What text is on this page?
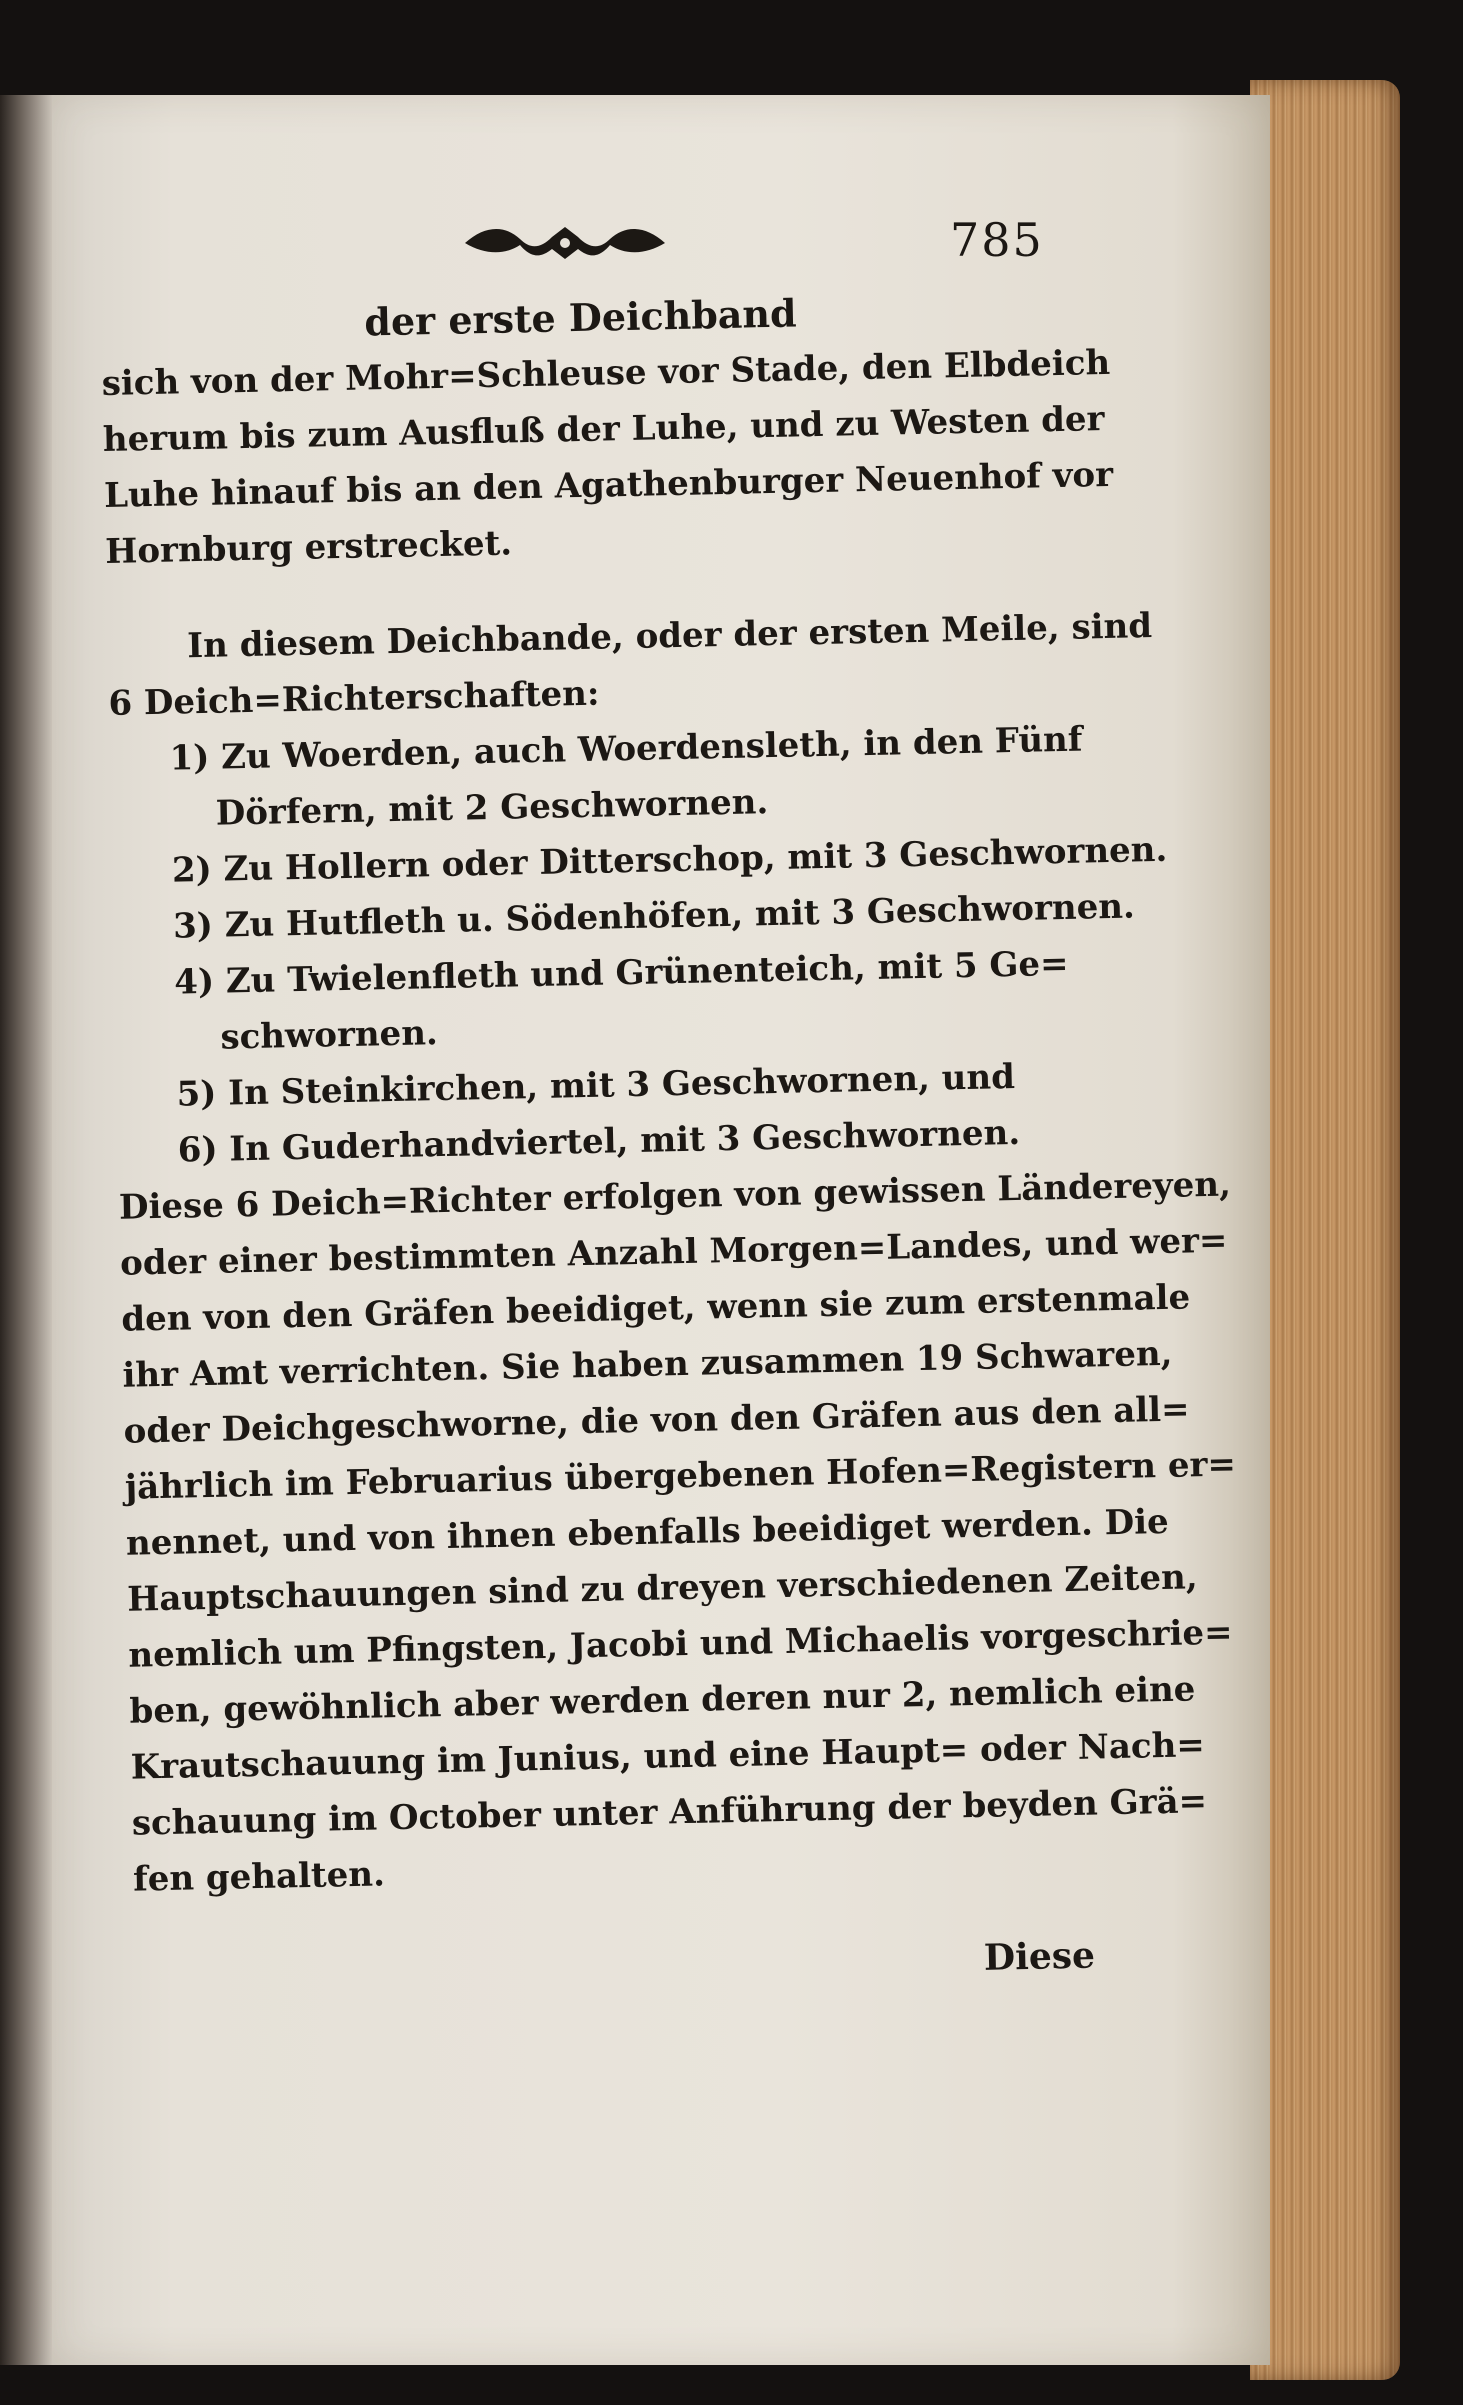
785
der erste Deichband
sich von der Mohr=Schleuse vor Stade, den Elbdeich
herum bis zum Ausfluß der Luhe, und zu Westen der
Luhe hinauf bis an den Agathenburger Neuenhof vor
Hornburg erstrecket.
In diesem Deichbande, oder der ersten Meile, sind
6 Deich=Richterschaften:
1) Zu Woerden, auch Woerdensleth, in den Fünf
Dörfern, mit 2 Geschwornen.
2) Zu Hollern oder Ditterschop, mit 3 Geschwornen.
3) Zu Hutfleth u. Södenhöfen, mit 3 Geschwornen.
4) Zu Twielenfleth und Grünenteich, mit 5 Ge=
schwornen.
5) In Steinkirchen, mit 3 Geschwornen, und
6) In Guderhandviertel, mit 3 Geschwornen.
Diese 6 Deich=Richter erfolgen von gewissen Ländereyen,
oder einer bestimmten Anzahl Morgen=Landes, und wer=
den von den Gräfen beeidiget, wenn sie zum erstenmale
ihr Amt verrichten. Sie haben zusammen 19 Schwaren,
oder Deichgeschworne, die von den Gräfen aus den all=
jährlich im Februarius übergebenen Hofen=Registern er=
nennet, und von ihnen ebenfalls beeidiget werden. Die
Hauptschauungen sind zu dreyen verschiedenen Zeiten,
nemlich um Pfingsten, Jacobi und Michaelis vorgeschrie=
ben, gewöhnlich aber werden deren nur 2, nemlich eine
Krautschauung im Junius, und eine Haupt= oder Nach=
schauung im October unter Anführung der beyden Grä=
fen gehalten.
Diese
